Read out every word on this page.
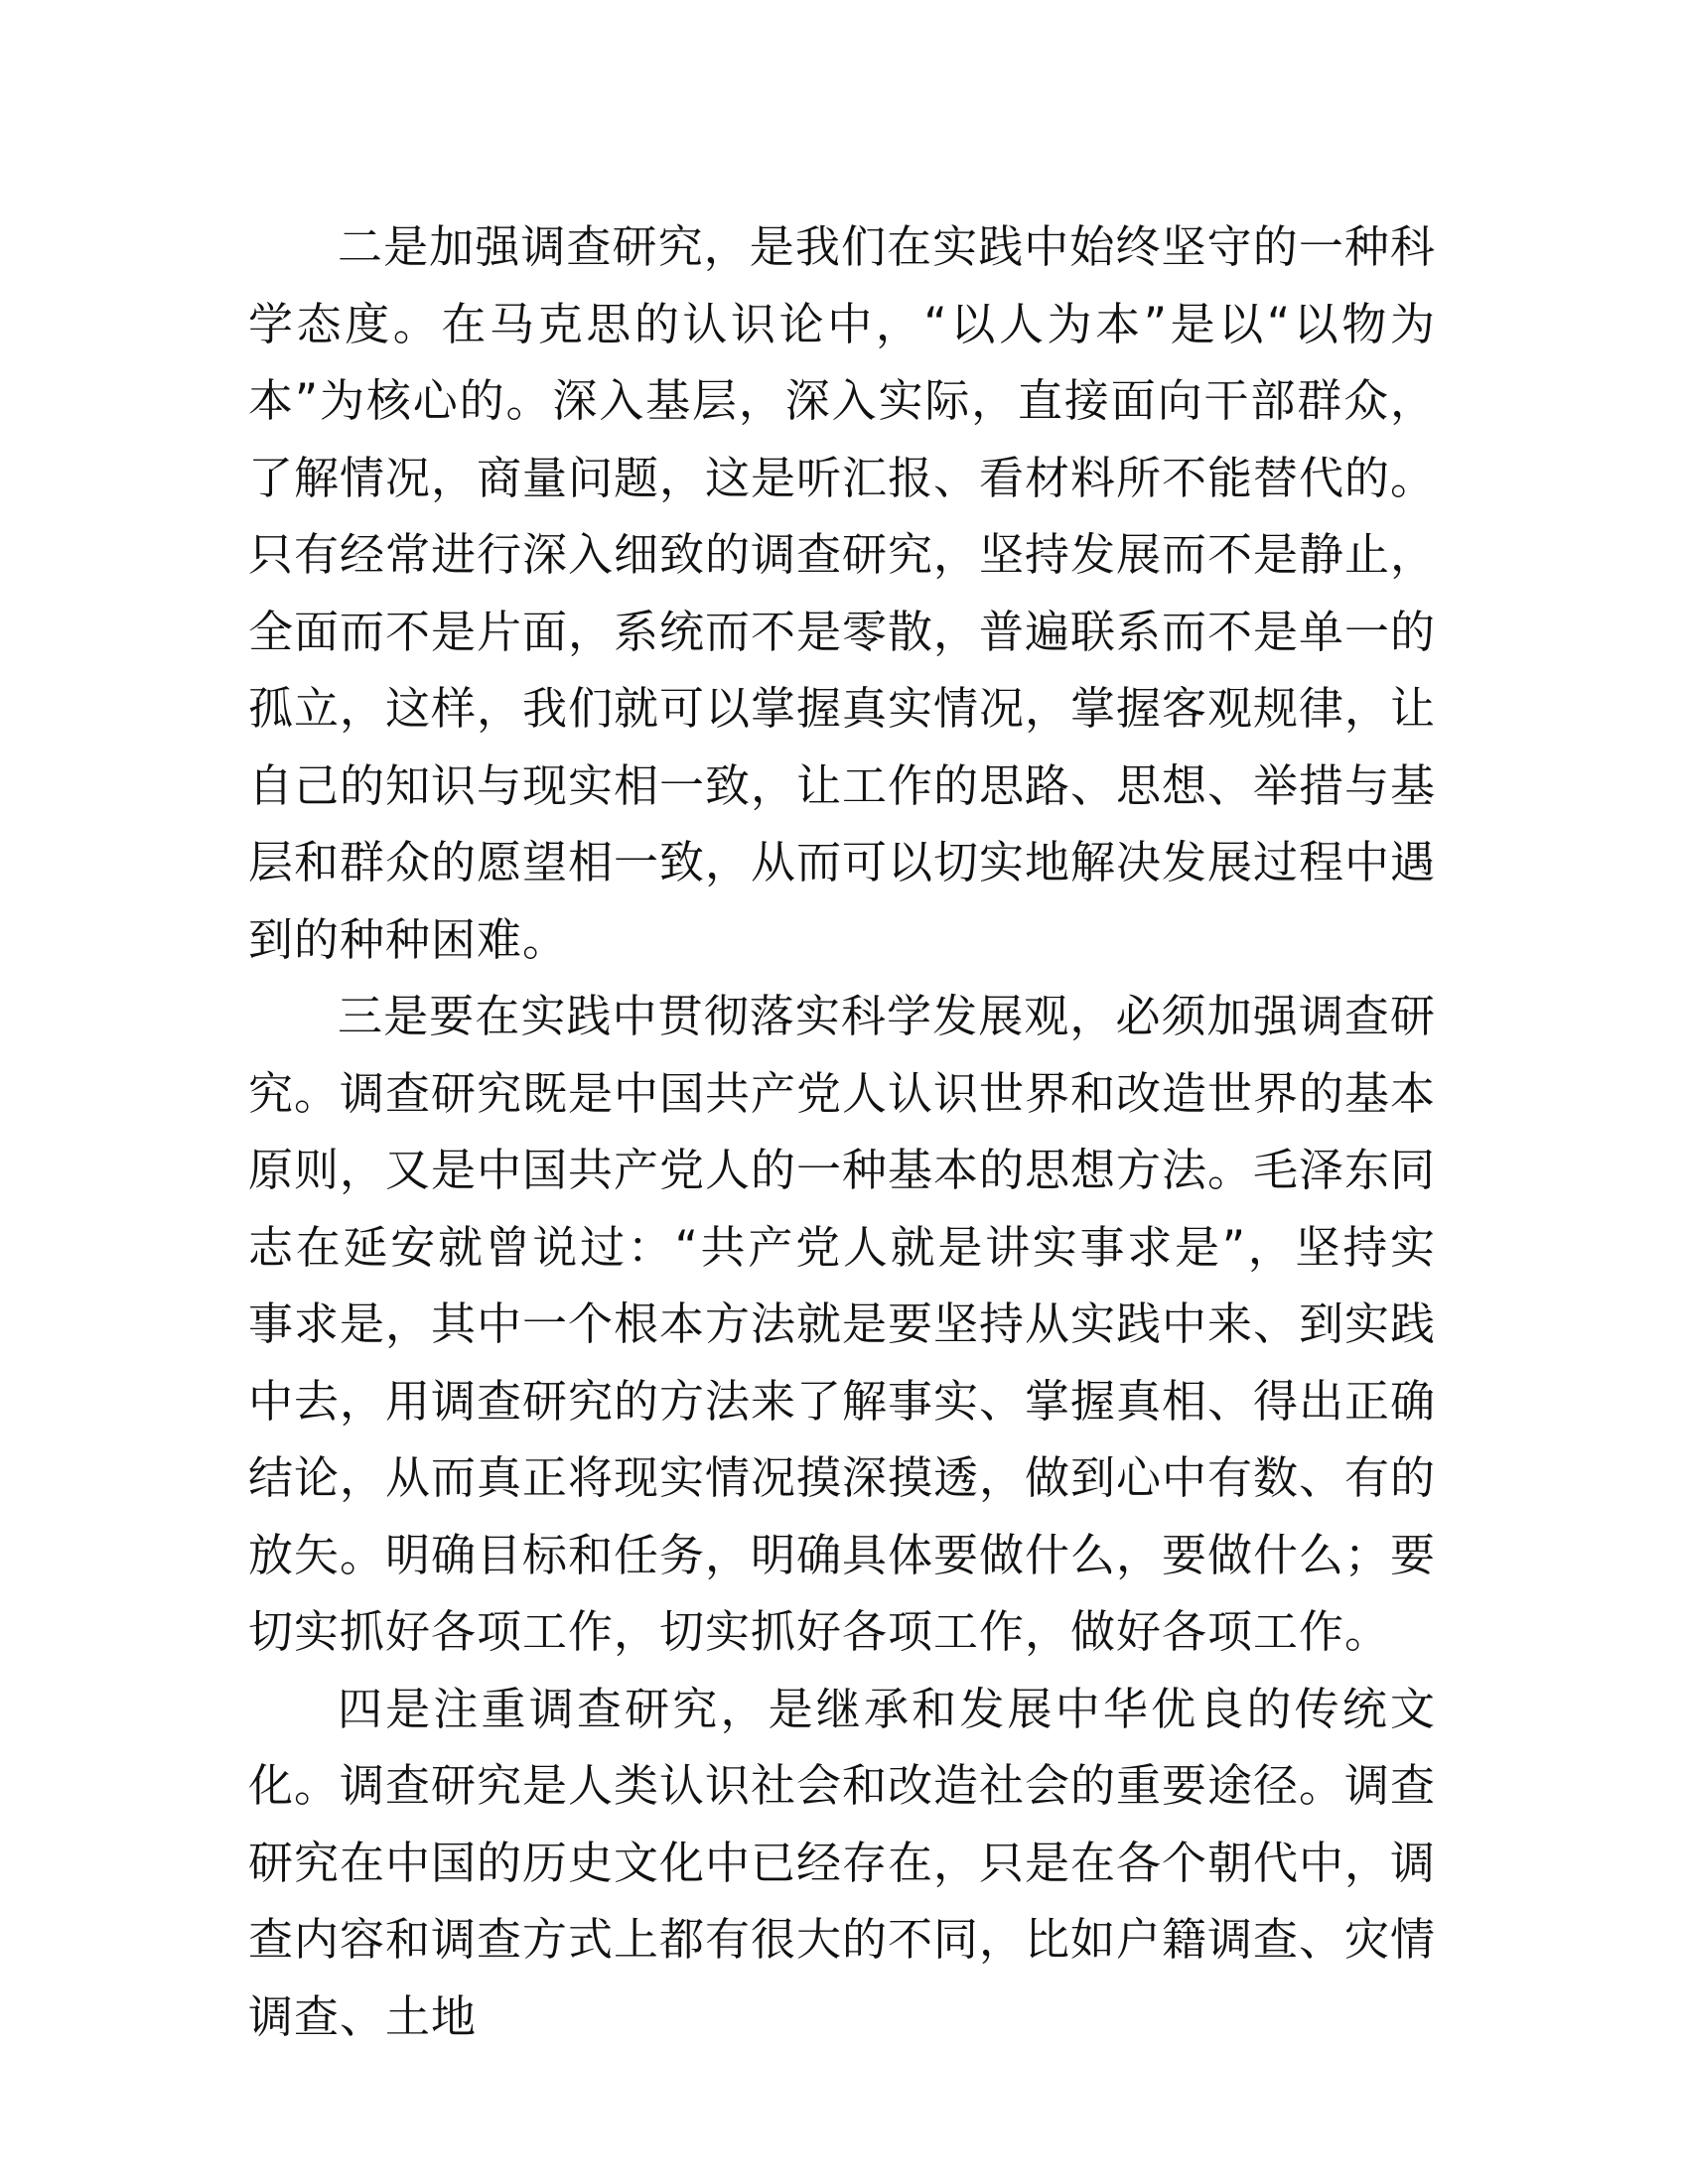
二是加强调查研究，是我们在实践中始终坚守的一种科学态度。在马克思的认识论中，“以人为本”是以“以物为本”为核心的。深入基层，深入实际，直接面向干部群众，了解情况，商量问题，这是听汇报、看材料所不能替代的。只有经常进行深入细致的调查研究，坚持发展而不是静止，全面而不是片面，系统而不是零散，普遍联系而不是单一的孤立，这样，我们就可以掌握真实情况，掌握客观规律，让自己的知识与现实相一致，让工作的思路、思想、举措与基层和群众的愿望相一致，从而可以切实地解决发展过程中遇到的种种困难。

三是要在实践中贯彻落实科学发展观，必须加强调查研究。调查研究既是中国共产党人认识世界和改造世界的基本原则，又是中国共产党人的一种基本的思想方法。毛泽东同志在延安就曾说过：“共产党人就是讲实事求是”，坚持实事求是，其中一个根本方法就是要坚持从实践中来、到实践中去，用调查研究的方法来了解事实、掌握真相、得出正确结论，从而真正将现实情况摸深摸透，做到心中有数、有的放矢。明确目标和任务，明确具体要做什么，要做什么；要切实抓好各项工作，切实抓好各项工作，做好各项工作。

四是注重调查研究，是继承和发展中华优良的传统文化。调查研究是人类认识社会和改造社会的重要途径。调查研究在中国的历史文化中已经存在，只是在各个朝代中，调查内容和调查方式上都有很大的不同，比如户籍调查、灾情调查、土地
